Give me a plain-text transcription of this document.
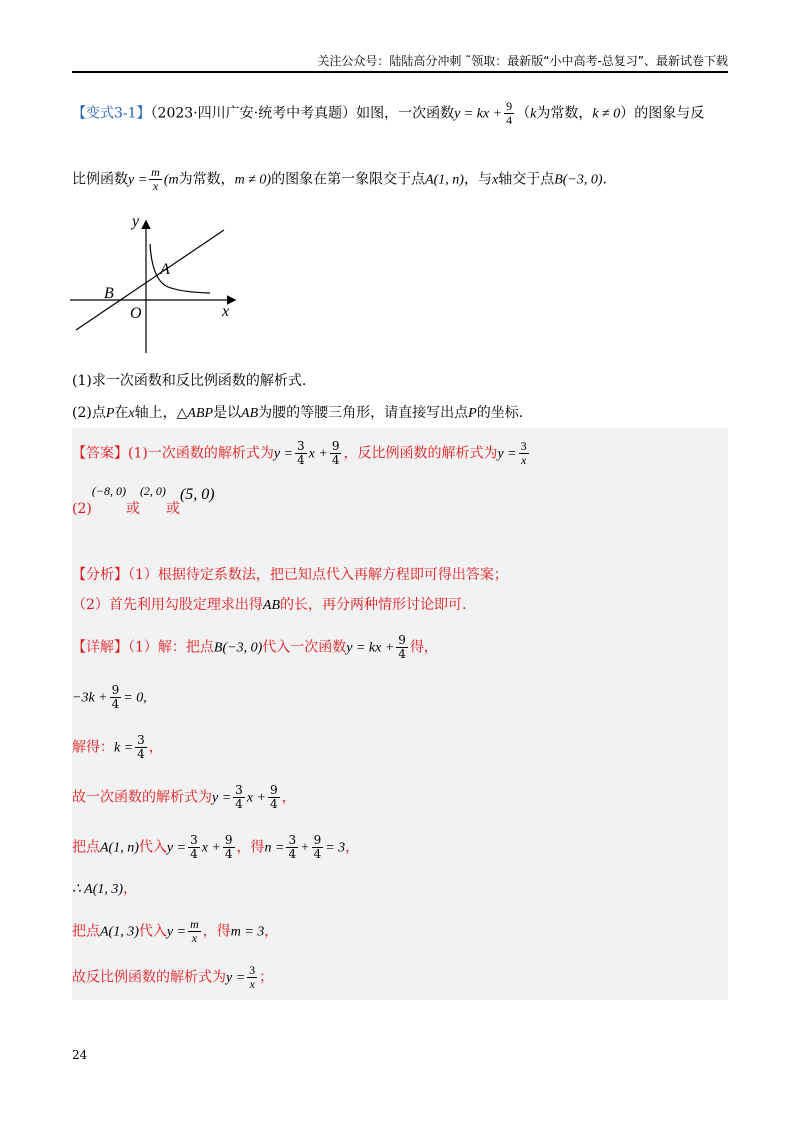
关注公众号：陆陆高分冲刺 ˜领取：最新版“小中高考-总复习”、最新试卷下载
【变式3-1】（2023·四川广安·统考中考真题）如图，一次函数y = kx + $\frac{9}{4} (k$为常数，k ≠ 0）的图象与反
比例函数$y = \frac{m}{x} (m$为常数，m ≠ 0)的图象在第一象限交于点A(1, n)，与x轴交于点B(−3, 0).
y
x
O
A
B
(1)求一次函数和反比例函数的解析式.
(2)点P在x轴上，△ABP是以AB为腰的等腰三角形，请直接写出点P的坐标.
【答案】(1)一次函数的解析式为$y = \frac{3}{4}$ $x + \frac{9}{4}$ ，反比例函数的解析式为$y = \frac{3}{x}$
(2)(−8, 0)或(2, 0)或(5, 0)
【分析】（1）根据待定系数法，把已知点代入再解方程即可得出答案；
（2）首先利用勾股定理求出得AB的长，再分两种情形讨论即可.
【详解】（1）解：把点B(−3, 0)代入一次函数y = kx + $\frac{9}{4}$ 得，
$-3k + \frac{9}{4} = 0$,
解得：$k = \frac{3}{4}$ ，
故一次函数的解析式为$y = \frac{3}{4}$ $x + \frac{9}{4}$ ，
把点A(1, n)代入$y = \frac{3}{4}$ $x + \frac{9}{4}$ ，得$n = \frac{3}{4} + \frac{9}{4} = 3$，
∴ A(1, 3)，
把点A(1, 3)代入$y = \frac{m}{x}$ ，得m = 3，
故反比例函数的解析式为$y = \frac{3}{x}$ ；
24
